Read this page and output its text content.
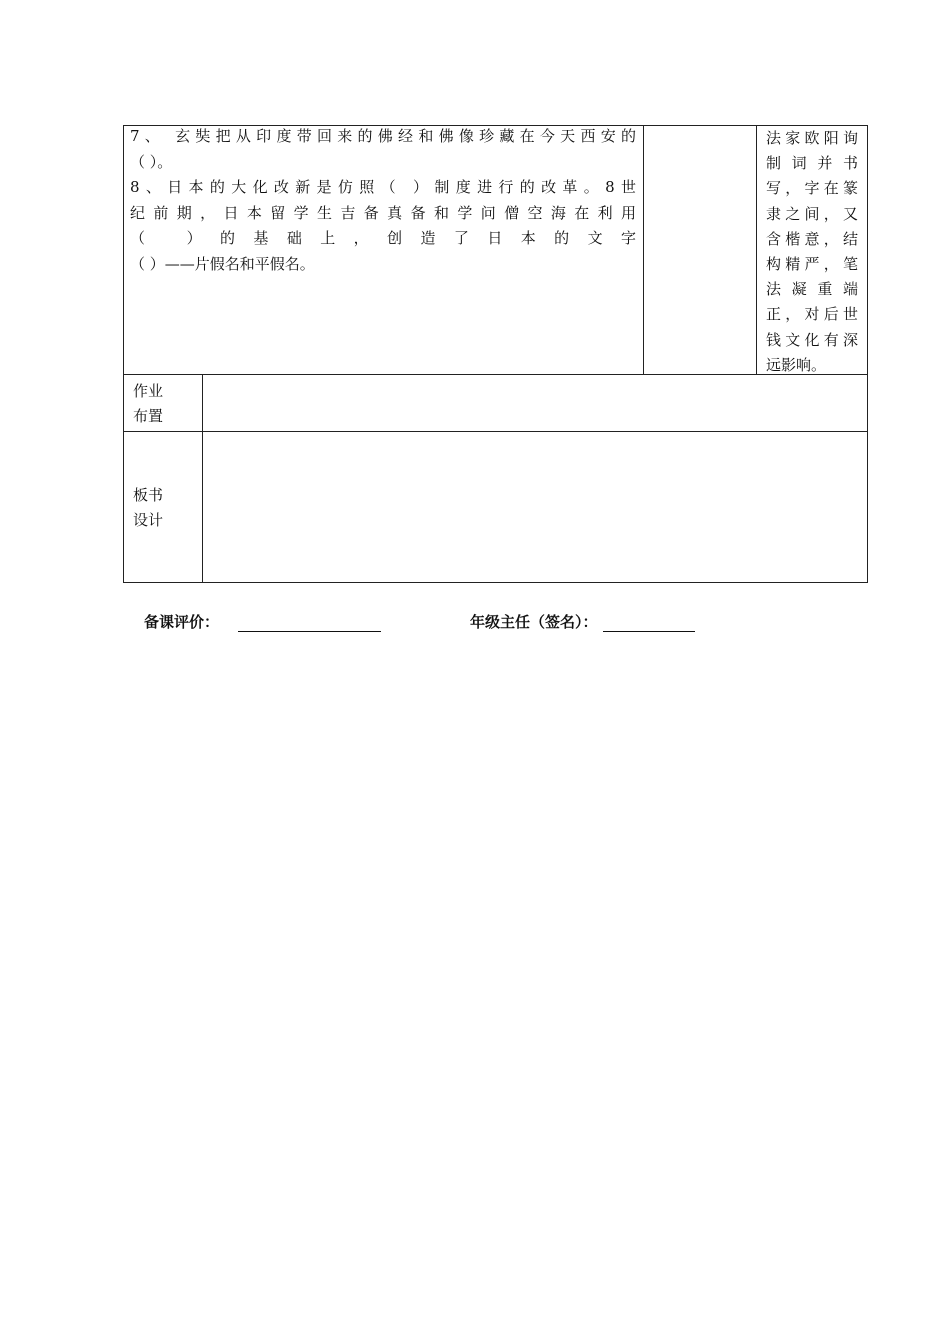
7、 玄奘把从印度带回来的佛经和佛像珍藏在今天西安的
（ ）。
8、日本的大化改新是仿照（ ）制度进行的改革。8世
纪前期，日本留学生吉备真备和学问僧空海在利用
（ ）的基础上，创造了日本的文字
（ ）——片假名和平假名。
法家欧阳询
制 词 并 书
写，字在篆
隶之间，又
含楷意，结
构精严，笔
法 凝 重 端
正，对后世
钱文化有深
远影响。
作业
布置
板书
设计
备课评价：	年级主任（签名）：
